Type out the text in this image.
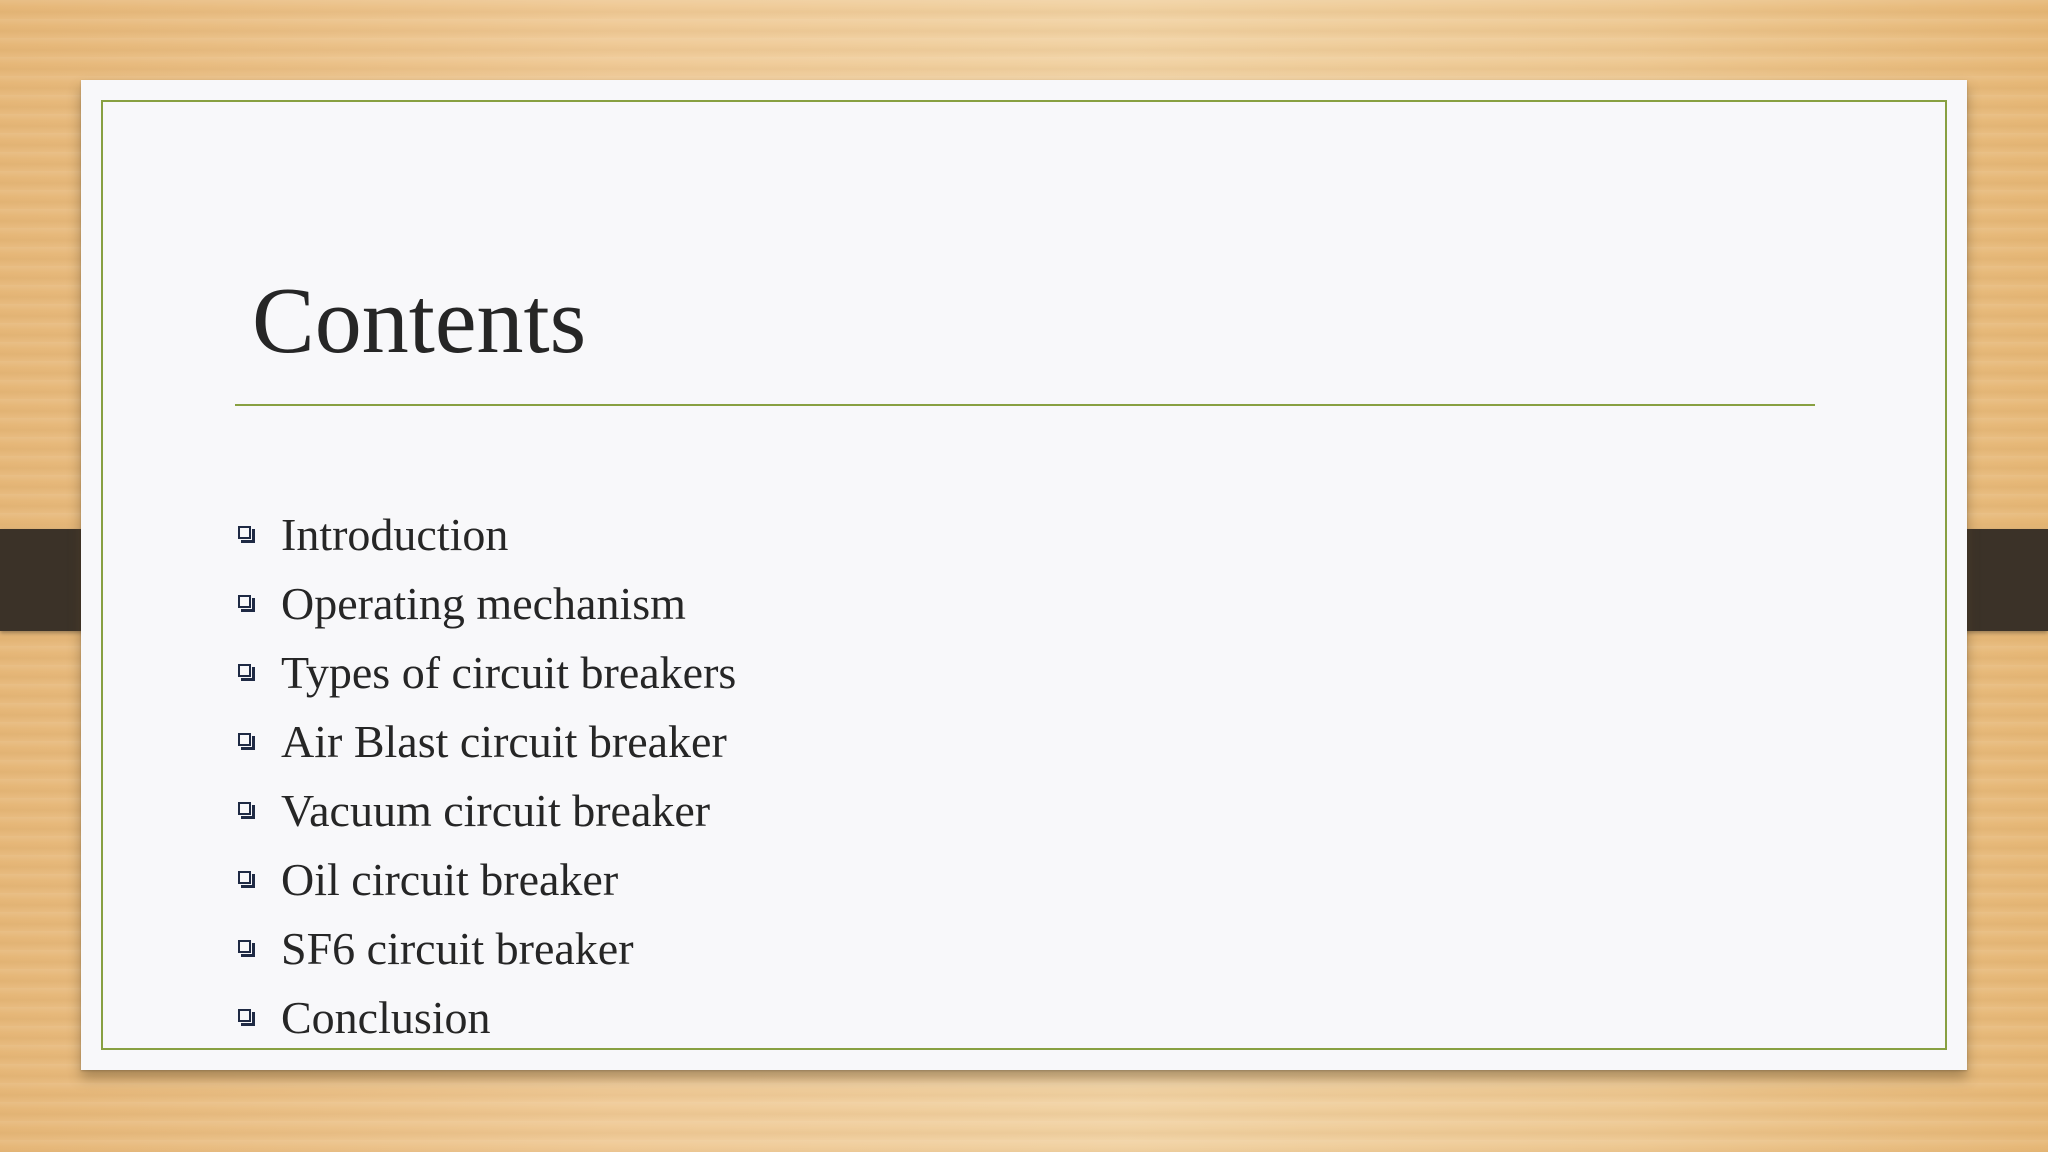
Contents
Introduction
Operating mechanism
Types of circuit breakers
Air Blast circuit breaker
Vacuum circuit breaker
Oil circuit breaker
SF6 circuit breaker
Conclusion
